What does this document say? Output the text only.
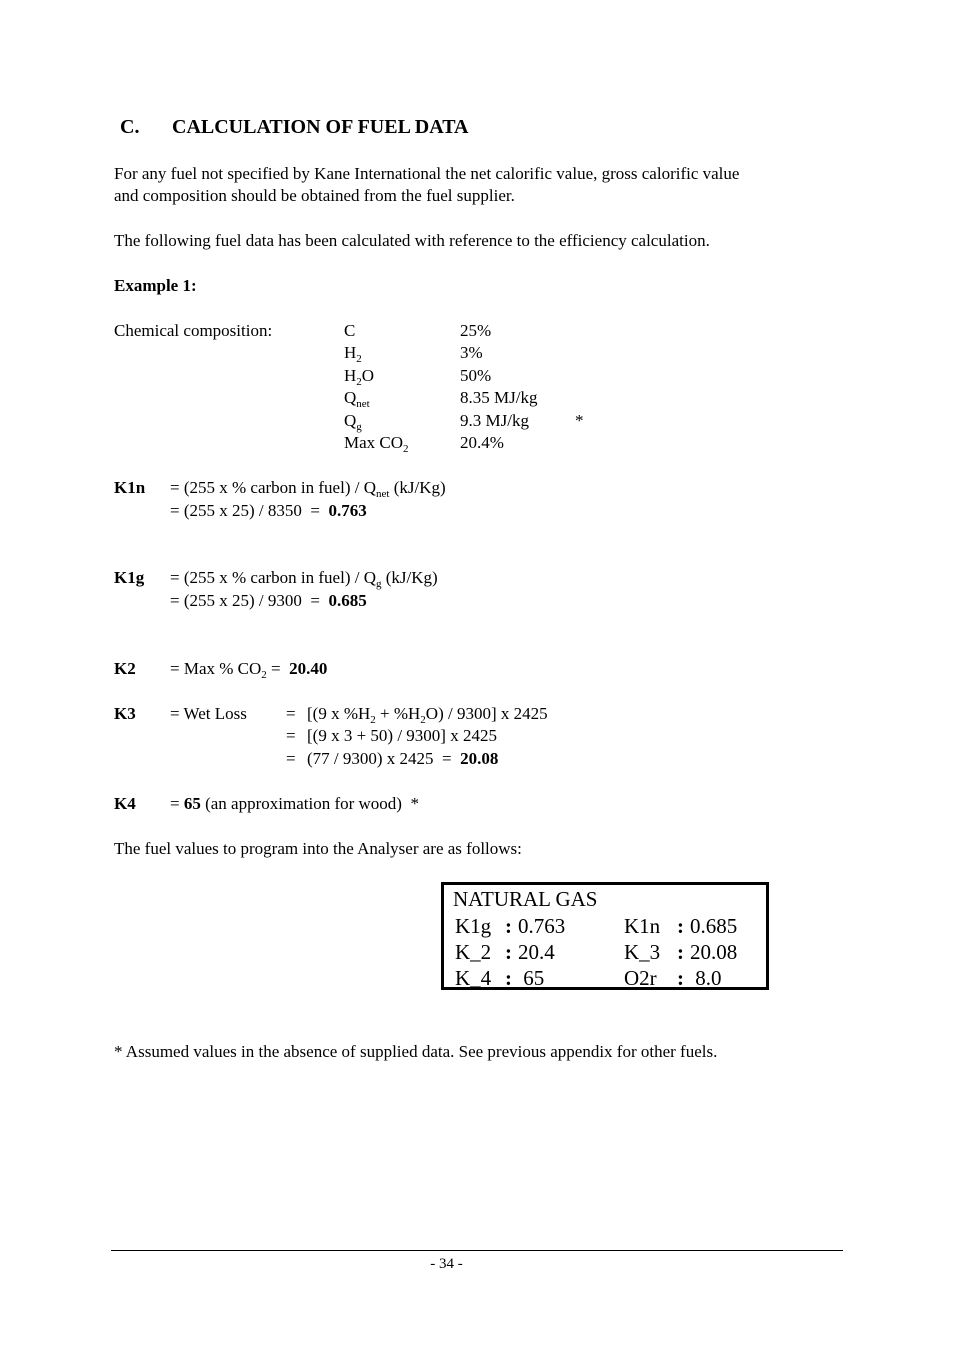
C. CALCULATION OF FUEL DATA
For any fuel not specified by Kane International the net calorific value, gross calorific value
and composition should be obtained from the fuel supplier.
The following fuel data has been calculated with reference to the efficiency calculation.
Example 1:
Chemical composition:	C	25%
$H_2$	3%
$H_2O$	50%
$Q_{net}$	8.35 MJ/kg
$Q_g$	9.3 MJ/kg	*
Max $CO_2$	20.4%
K1n = (255 x % carbon in fuel) / $Q_{net}$ (kJ/Kg)
= (255 x 25) / 8350  =  0.763
K1g = (255 x % carbon in fuel) / $Q_g$ (kJ/Kg)
= (255 x 25) / 9300  =  0.685
K2 = Max % $CO_2 = 20.40$
K3 = Wet Loss = [(9 x $\%H_2 + \%H_2O) / 9300$] x 2425
= [(9 x 3 + 50) / 9300] x 2425
= (77 / 9300) x 2425  =  20.08
K4 = 65 (an approximation for wood)  *
The fuel values to program into the Analyser are as follows:
NATURAL GAS
K1g : 0.763	K1n : 0.685
K_2 : 20.4	K_3 : 20.08
K_4 : 65	O2r : 8.0
* Assumed values in the absence of supplied data. See previous appendix for other fuels.
- 34 -
